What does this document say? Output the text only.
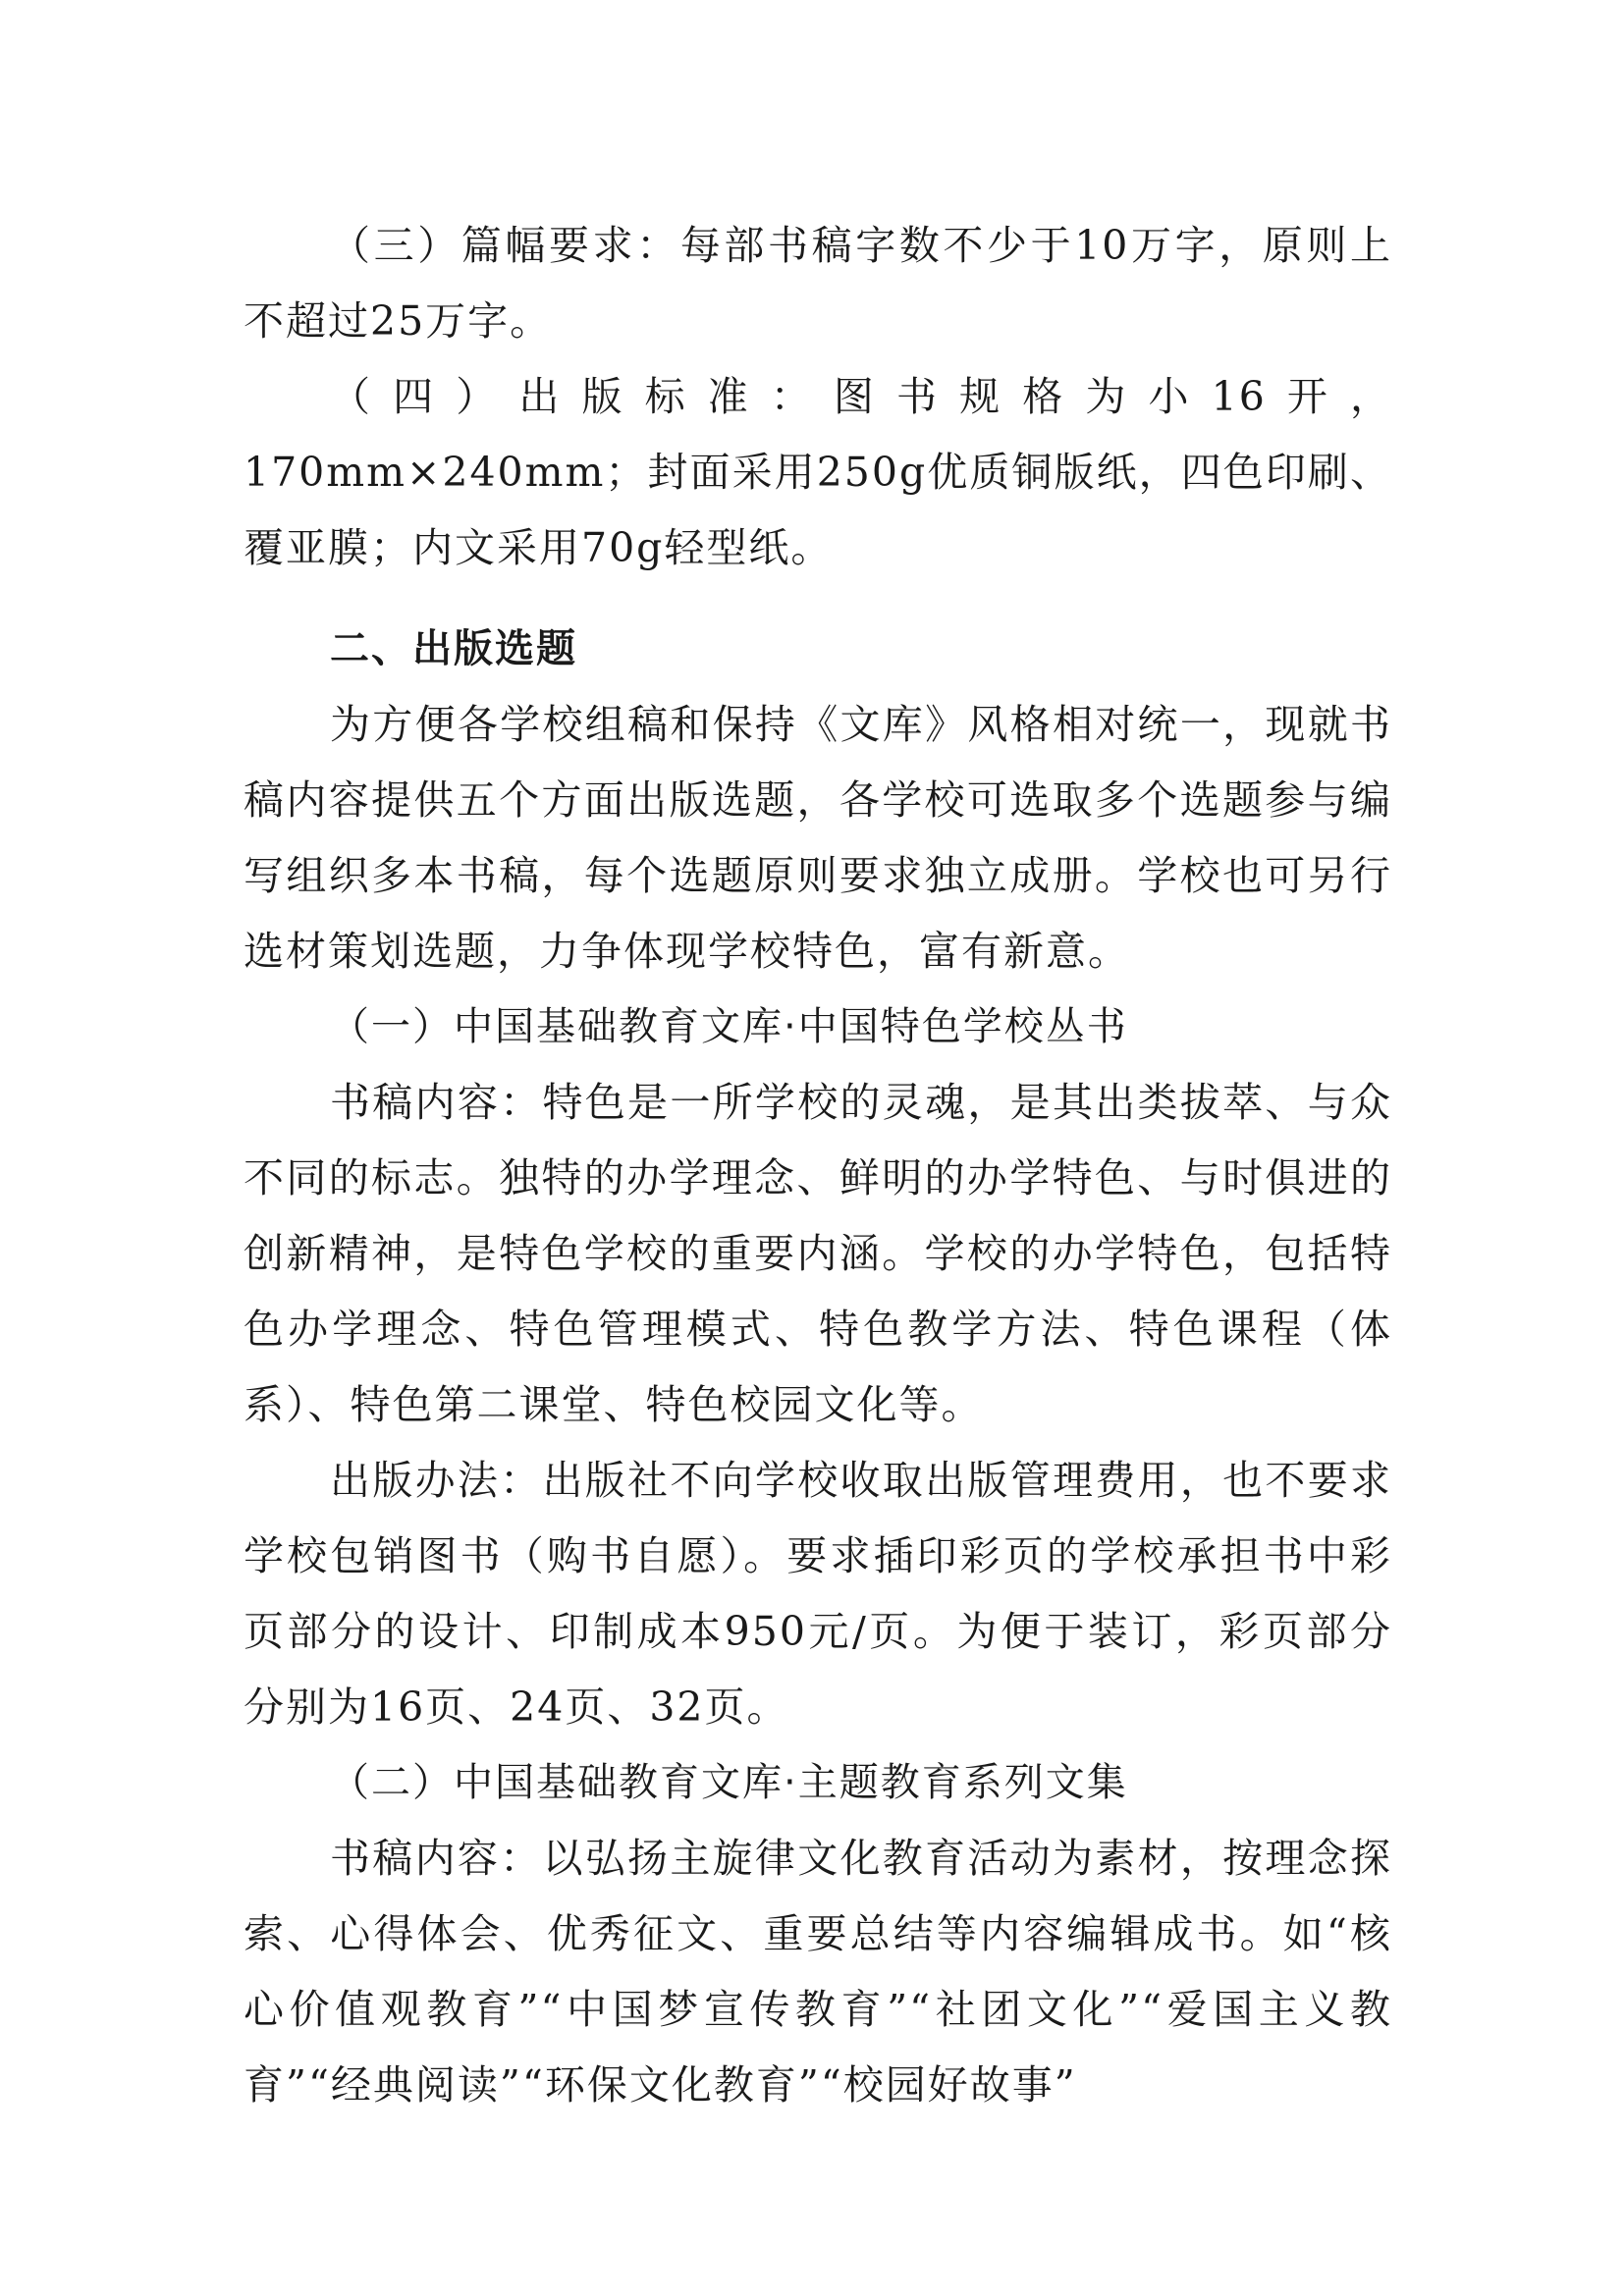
（三）篇幅要求：每部书稿字数不少于10万字，原则上不超过25万字。

（四）出版标准：图书规格为小16开，170mm×240mm；封面采用250g优质铜版纸，四色印刷、覆亚膜；内文采用70g轻型纸。

二、出版选题

为方便各学校组稿和保持《文库》风格相对统一，现就书稿内容提供五个方面出版选题，各学校可选取多个选题参与编写组织多本书稿，每个选题原则要求独立成册。学校也可另行选材策划选题，力争体现学校特色，富有新意。

（一）中国基础教育文库·中国特色学校丛书

书稿内容：特色是一所学校的灵魂，是其出类拔萃、与众不同的标志。独特的办学理念、鲜明的办学特色、与时俱进的创新精神，是特色学校的重要内涵。学校的办学特色，包括特色办学理念、特色管理模式、特色教学方法、特色课程（体系）、特色第二课堂、特色校园文化等。

出版办法：出版社不向学校收取出版管理费用，也不要求学校包销图书（购书自愿）。要求插印彩页的学校承担书中彩页部分的设计、印制成本950元/页。为便于装订，彩页部分分别为16页、24页、32页。

（二）中国基础教育文库·主题教育系列文集

书稿内容：以弘扬主旋律文化教育活动为素材，按理念探索、心得体会、优秀征文、重要总结等内容编辑成书。如“核心价值观教育”“中国梦宣传教育”“社团文化”“爱国主义教育”“经典阅读”“环保文化教育”“校园好故事”
